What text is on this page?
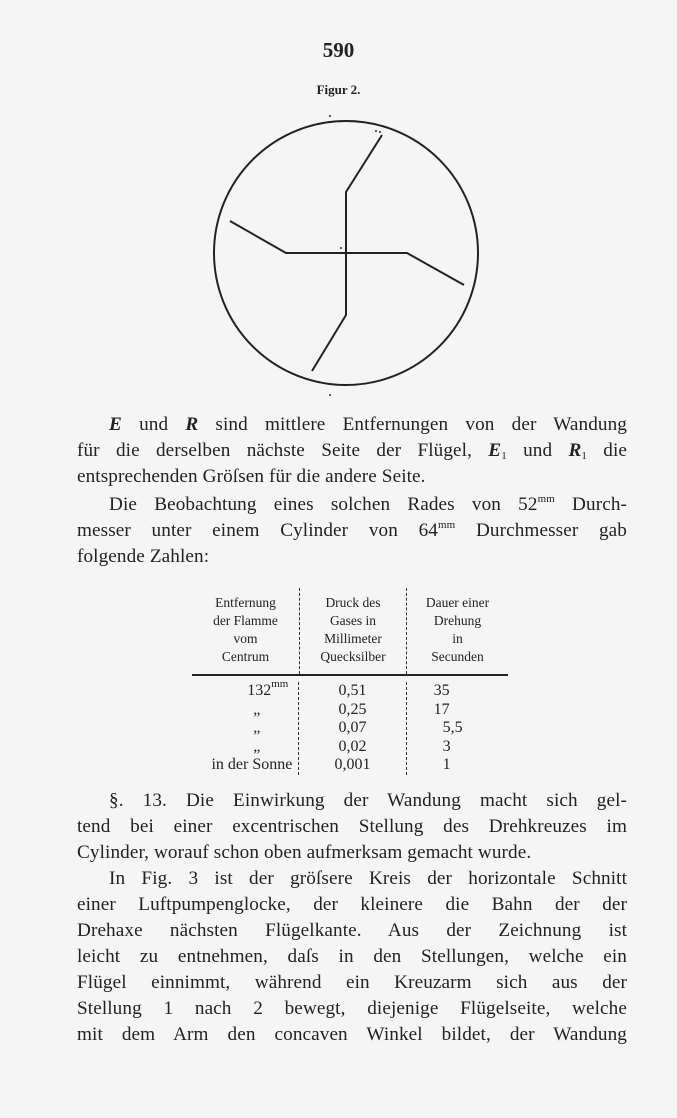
590
Figur 2.
E und R sind mittlere Entfernungen von der Wandung
für die derselben nächste Seite der Flügel, $E_1$ und $R_1$ die
entsprechenden Gröſsen für die andere Seite.
Die Beobachtung eines solchen Rades von $52^{mm}$ Durch-
messer unter einem Cylinder von $64^{mm}$ Durchmesser gab
folgende Zahlen:
Entfernung
der Flamme
vom
Centrum
Druck des
Gases in
Millimeter
Quecksilber
Dauer einer
Drehung
in
Secunden
$132^{mm}$
„
„
„
in der Sonne
0,51
0,25
0,07
0,02
0,001
35
17
5,5
3
1
§. 13. Die Einwirkung der Wandung macht sich gel-
tend bei einer excentrischen Stellung des Drehkreuzes im
Cylinder, worauf schon oben aufmerksam gemacht wurde.
In Fig. 3 ist der gröſsere Kreis der horizontale Schnitt
einer Luftpumpenglocke, der kleinere die Bahn der der
Drehaxe nächsten Flügelkante. Aus der Zeichnung ist
leicht zu entnehmen, daſs in den Stellungen, welche ein
Flügel einnimmt, während ein Kreuzarm sich aus der
Stellung 1 nach 2 bewegt, diejenige Flügelseite, welche
mit dem Arm den concaven Winkel bildet, der Wandung
